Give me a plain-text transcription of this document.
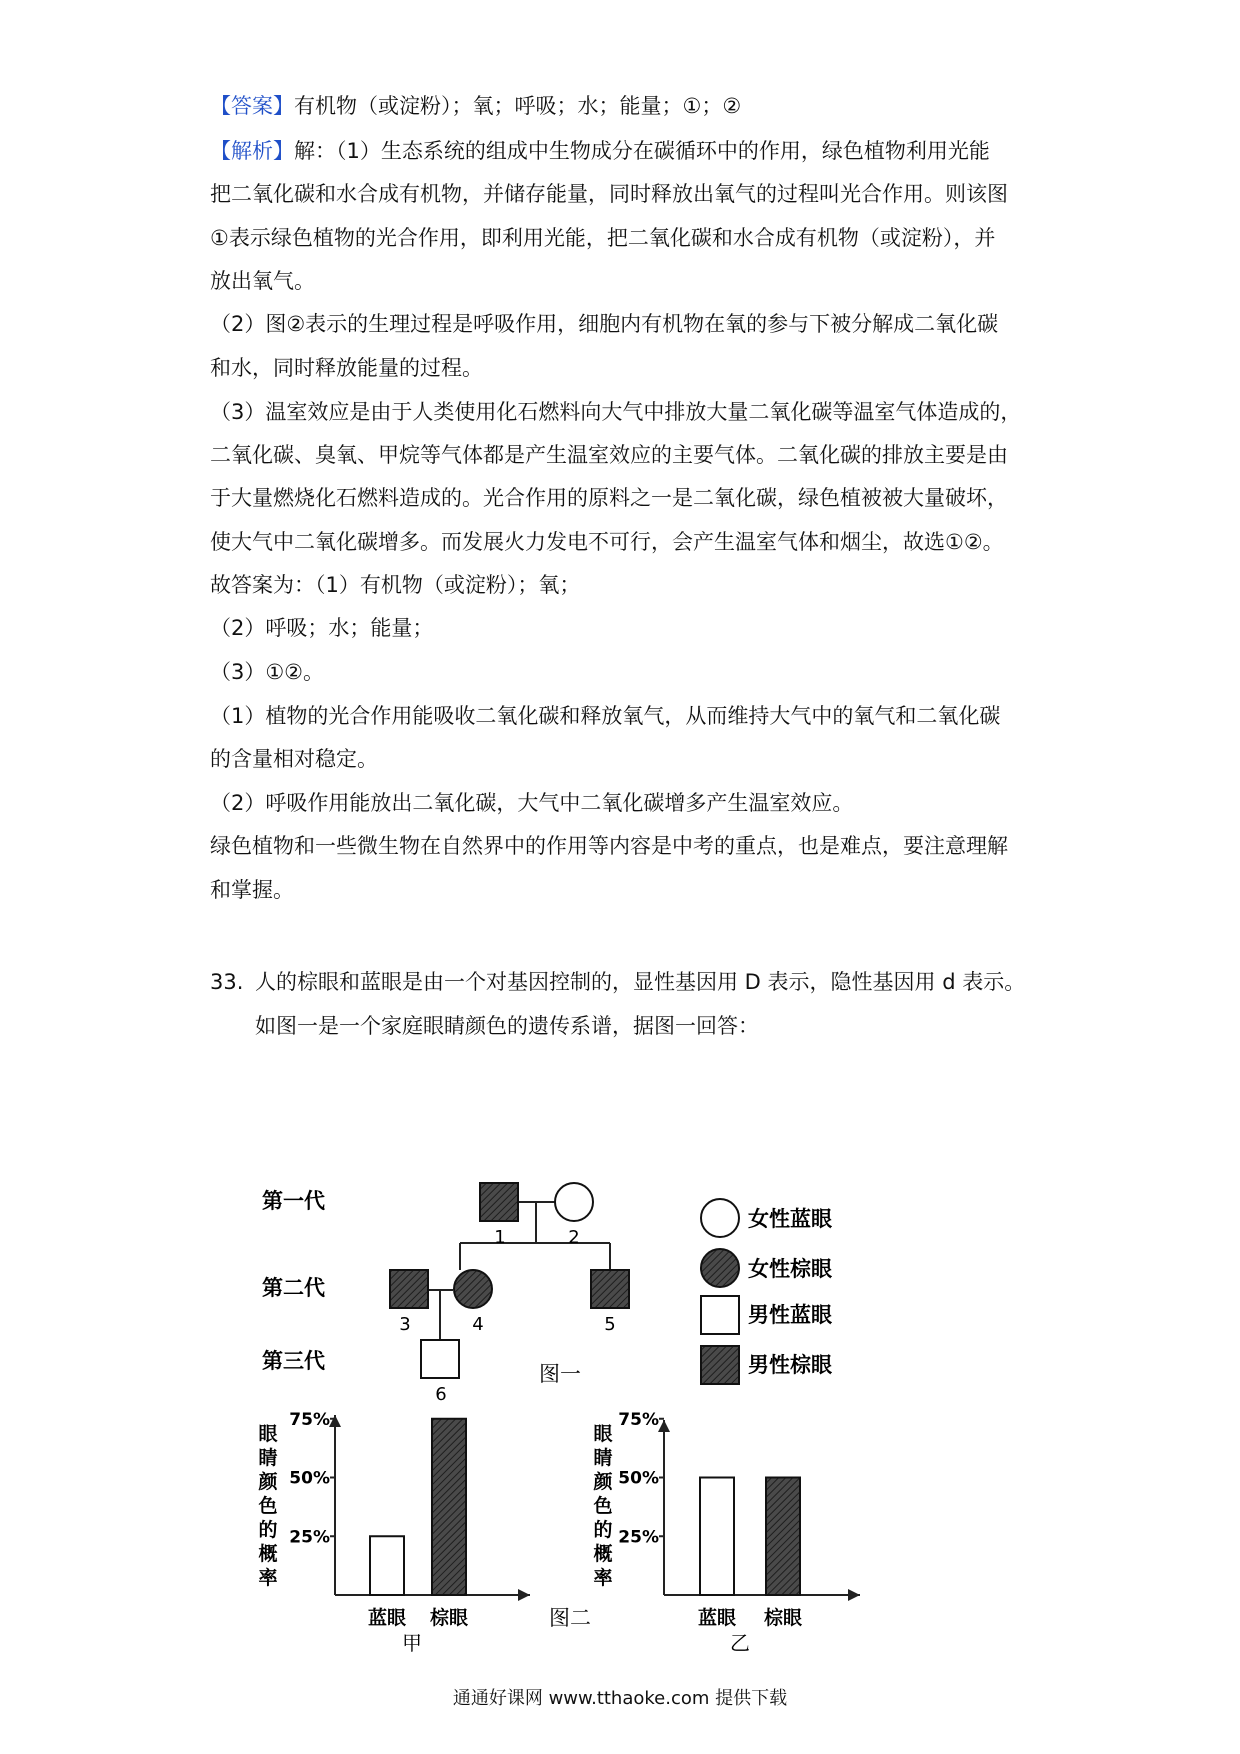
【答案】有机物（或淀粉）；氧；呼吸；水；能量；①；②
【解析】解：（1）生态系统的组成中生物成分在碳循环中的作用，绿色植物利用光能
把二氧化碳和水合成有机物，并储存能量，同时释放出氧气的过程叫光合作用。则该图
①表示绿色植物的光合作用，即利用光能，把二氧化碳和水合成有机物（或淀粉），并
放出氧气。
（2）图②表示的生理过程是呼吸作用，细胞内有机物在氧的参与下被分解成二氧化碳
和水，同时释放能量的过程。
（3）温室效应是由于人类使用化石燃料向大气中排放大量二氧化碳等温室气体造成的，
二氧化碳、臭氧、甲烷等气体都是产生温室效应的主要气体。二氧化碳的排放主要是由
于大量燃烧化石燃料造成的。光合作用的原料之一是二氧化碳，绿色植被被大量破坏，
使大气中二氧化碳增多。而发展火力发电不可行，会产生温室气体和烟尘，故选①②。
故答案为：（1）有机物（或淀粉）；氧；
（2）呼吸；水；能量；
（3）①②。
（1）植物的光合作用能吸收二氧化碳和释放氧气，从而维持大气中的氧气和二氧化碳
的含量相对稳定。
（2）呼吸作用能放出二氧化碳，大气中二氧化碳增多产生温室效应。
绿色植物和一些微生物在自然界中的作用等内容是中考的重点，也是难点，要注意理解
和掌握。
33. 人的棕眼和蓝眼是由一个对基因控制的，显性基因用 D 表示，隐性基因用 d 表示。
如图一是一个家庭眼睛颜色的遗传系谱，据图一回答：
第一代
第二代
第三代
1	2
3	4	5
6
图一
女性蓝眼
女性棕眼
男性蓝眼
男性棕眼
25%
50%
75%
眼睛颜色的概率
蓝眼 棕眼
甲
25%
50%
75%
眼睛颜色的概率
蓝眼 棕眼
乙
图二
通通好课网 www.tthaoke.com 提供下载
